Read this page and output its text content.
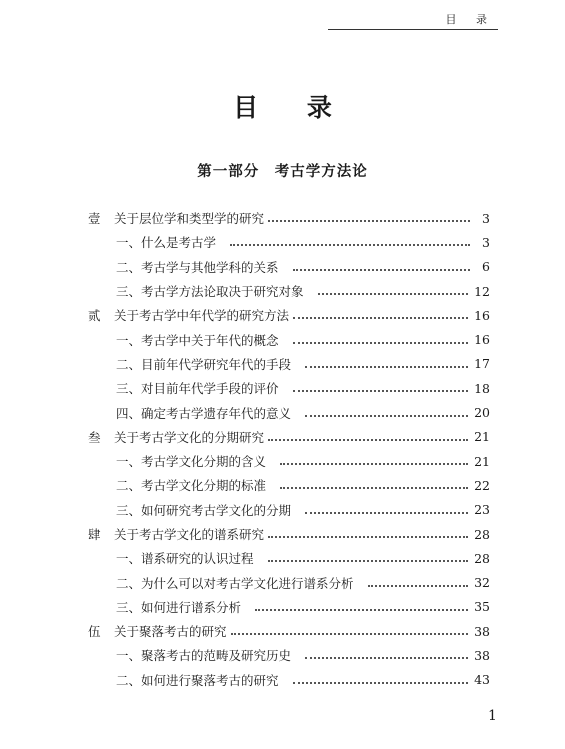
目 录
目 录
第一部分　考古学方法论
壹	关于层位学和类型学的研究	3
一、什么是考古学	3
二、考古学与其他学科的关系	6
三、考古学方法论取决于研究对象	12
贰	关于考古学中年代学的研究方法	16
一、考古学中关于年代的概念	16
二、目前年代学研究年代的手段	17
三、对目前年代学手段的评价	18
四、确定考古学遗存年代的意义	20
叁	关于考古学文化的分期研究	21
一、考古学文化分期的含义	21
二、考古学文化分期的标准	22
三、如何研究考古学文化的分期	23
肆	关于考古学文化的谱系研究	28
一、谱系研究的认识过程	28
二、为什么可以对考古学文化进行谱系分析	32
三、如何进行谱系分析	35
伍	关于聚落考古的研究	38
一、聚落考古的范畴及研究历史	38
二、如何进行聚落考古的研究	43
1
